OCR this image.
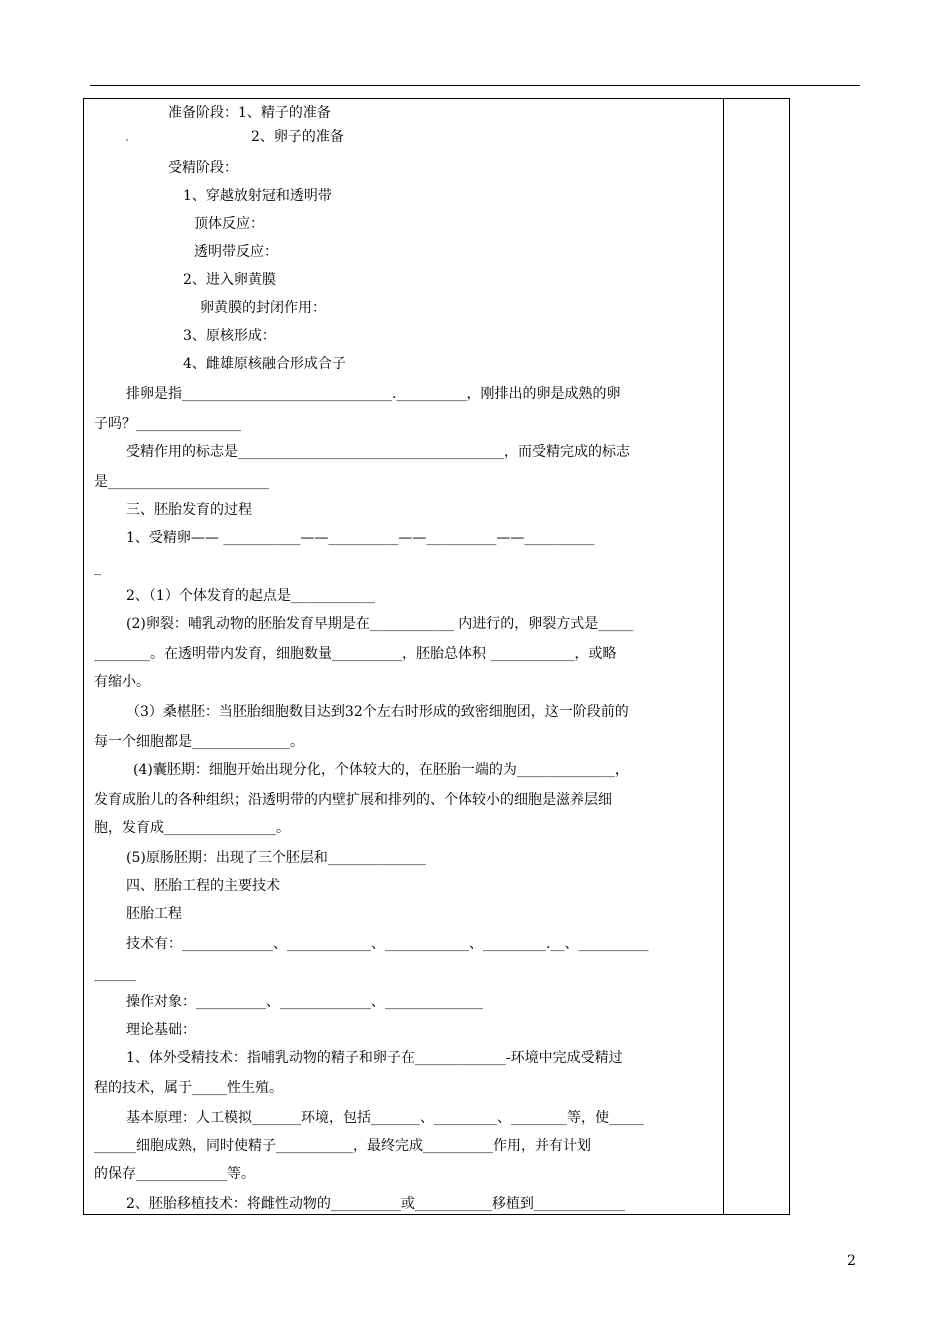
准备阶段：1、精子的准备
2、卵子的准备
受精阶段：
1、穿越放射冠和透明带
顶体反应：
透明带反应：
2、进入卵黄膜
卵黄膜的封闭作用：
3、原核形成：
4、雌雄原核融合形成合子
排卵是指______________________________.__________，刚排出的卵是成熟的卵
子吗？_______________
受精作用的标志是______________________________________，而受精完成的标志
是_______________________
三、胚胎发育的过程
1、受精卵—— ___________——__________——__________——__________
_
2、（1）个体发育的起点是____________
(2)卵裂：哺乳动物的胚胎发育早期是在____________ 内进行的，卵裂方式是_____
________。在透明带内发育，细胞数量__________，胚胎总体积 ____________，或略
有缩小。
（3）桑椹胚：当胚胎细胞数目达到32个左右时形成的致密细胞团，这一阶段前的
每一个细胞都是______________。
(4)囊胚期：细胞开始出现分化，个体较大的，在胚胎一端的为______________，
发育成胎儿的各种组织；沿透明带的内壁扩展和排列的、个体较小的细胞是滋养层细
胞，发育成________________。
(5)原肠胚期：出现了三个胚层和______________
四、胚胎工程的主要技术
胚胎工程
技术有：_____________、____________、____________、_________.__、__________
______
操作对象：__________、_____________、______________
理论基础：
1、体外受精技术：指哺乳动物的精子和卵子在_____________-环境中完成受精过
程的技术，属于_____性生殖。
基本原理：人工模拟_______环境，包括_______、_________、________等，使_____
______细胞成熟，同时使精子___________，最终完成__________作用，并有计划
的保存_____________等。
2、胚胎移植技术：将雌性动物的__________或___________移植到_____________
2
